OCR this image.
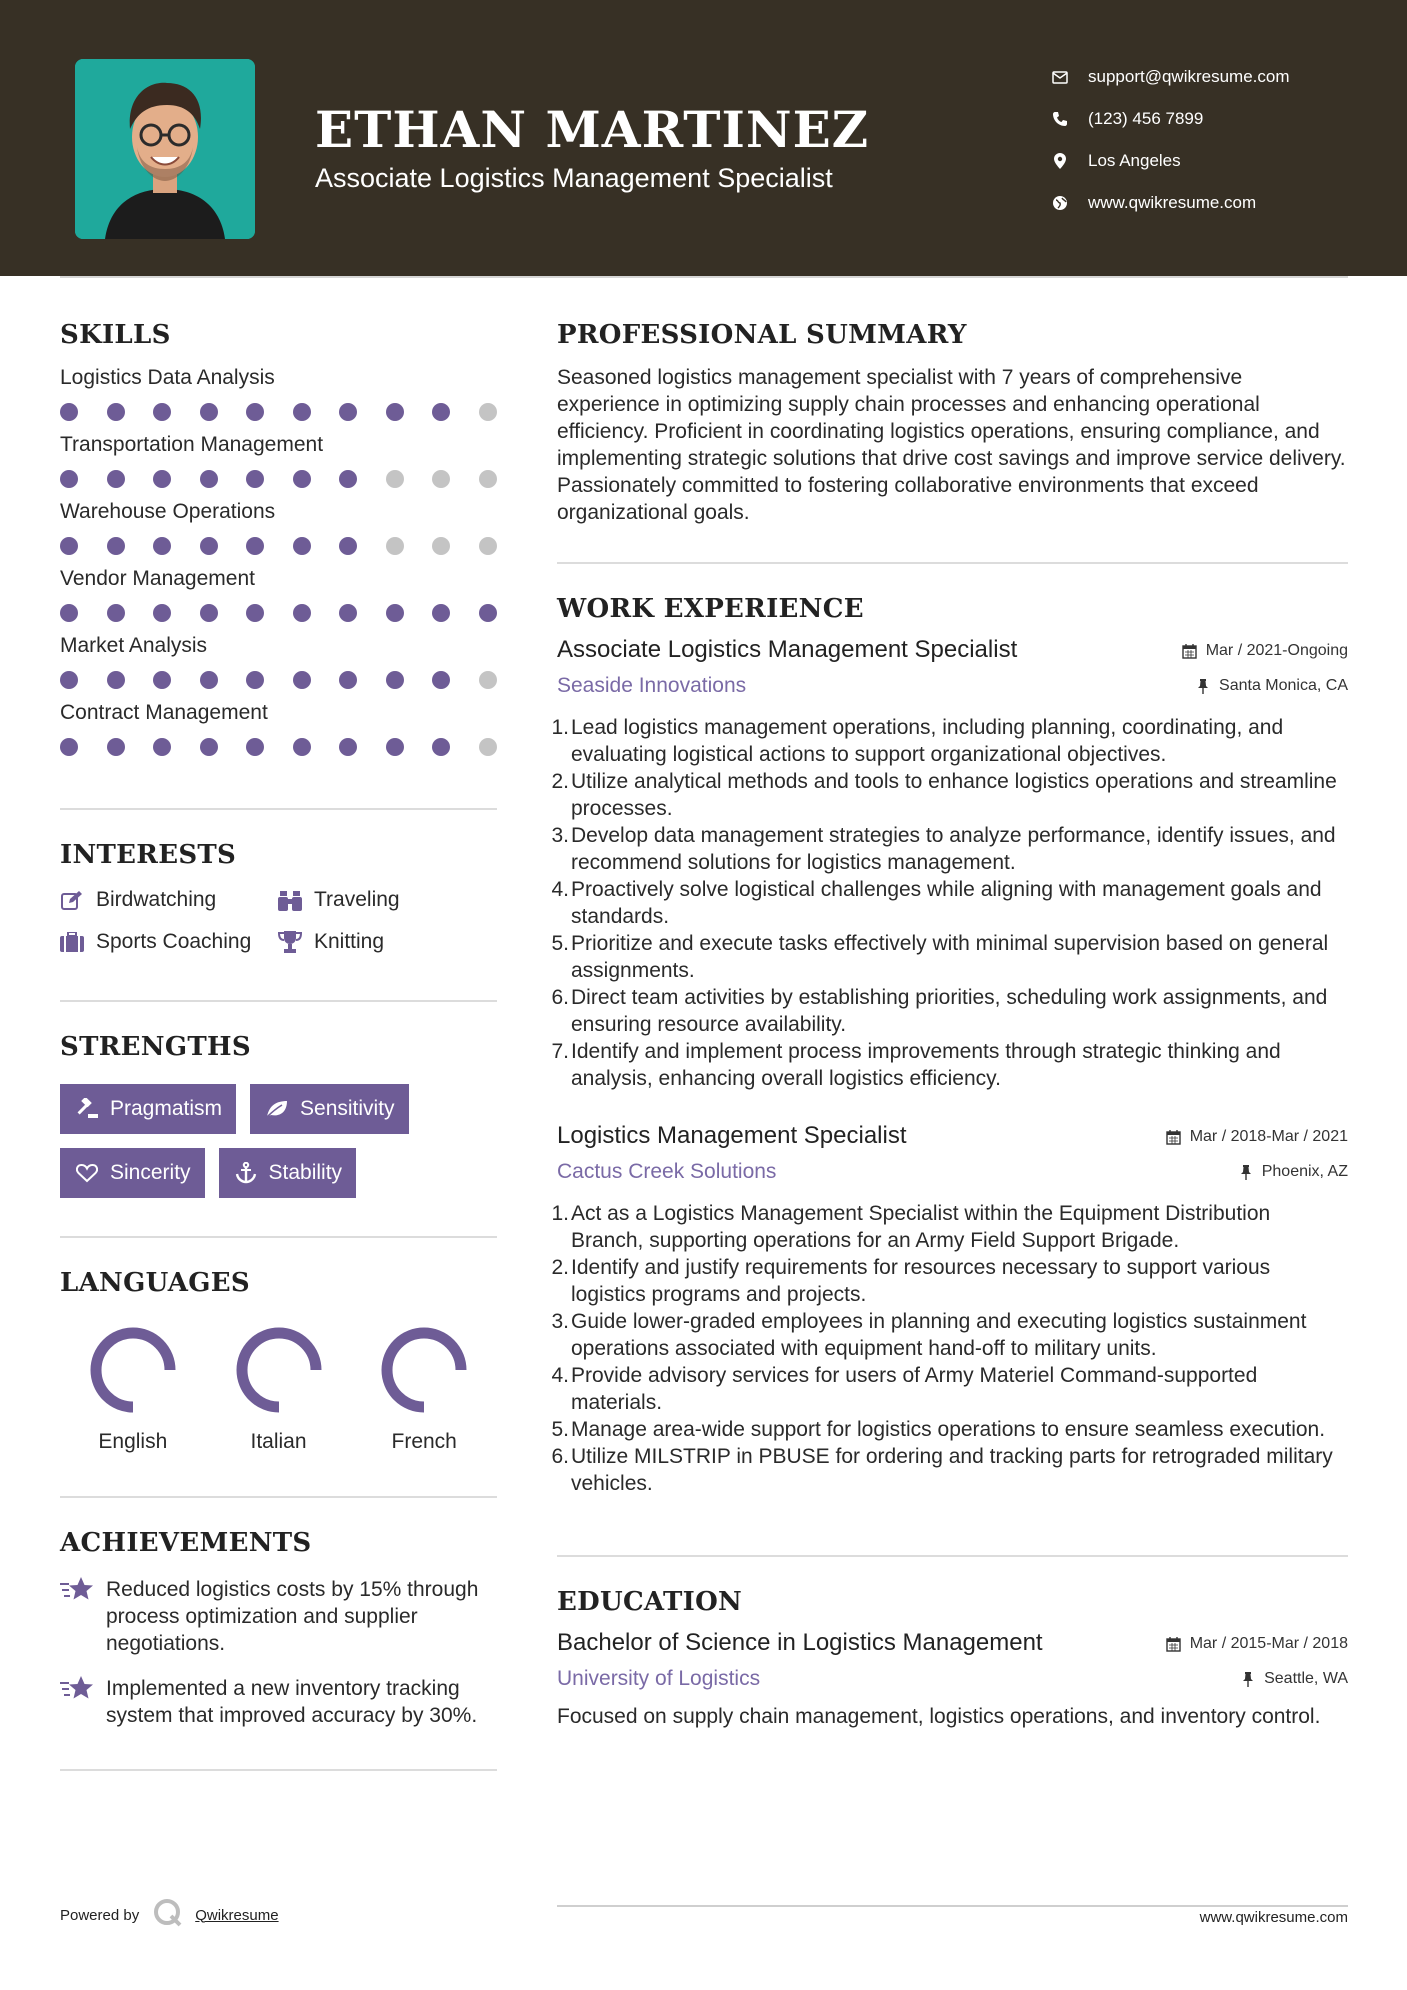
ETHAN MARTINEZ
Associate Logistics Management Specialist
support@qwikresume.com
(123) 456 7899
Los Angeles
www.qwikresume.com
SKILLS
Logistics Data Analysis
Transportation Management
Warehouse Operations
Vendor Management
Market Analysis
Contract Management
INTERESTS
Birdwatching	Traveling
Sports Coaching	Knitting
STRENGTHS
Pragmatism	Sensitivity
Sincerity	Stability
LANGUAGES
English	Italian	French
ACHIEVEMENTS
Reduced logistics costs by 15% through process optimization and supplier negotiations.
Implemented a new inventory tracking system that improved accuracy by 30%.
PROFESSIONAL SUMMARY
Seasoned logistics management specialist with 7 years of comprehensive experience in optimizing supply chain processes and enhancing operational efficiency. Proficient in coordinating logistics operations, ensuring compliance, and implementing strategic solutions that drive cost savings and improve service delivery. Passionately committed to fostering collaborative environments that exceed organizational goals.
WORK EXPERIENCE
Associate Logistics Management Specialist	Mar / 2021-Ongoing
Seaside Innovations	Santa Monica, CA
1. Lead logistics management operations, including planning, coordinating, and evaluating logistical actions to support organizational objectives.
2. Utilize analytical methods and tools to enhance logistics operations and streamline processes.
3. Develop data management strategies to analyze performance, identify issues, and recommend solutions for logistics management.
4. Proactively solve logistical challenges while aligning with management goals and standards.
5. Prioritize and execute tasks effectively with minimal supervision based on general assignments.
6. Direct team activities by establishing priorities, scheduling work assignments, and ensuring resource availability.
7. Identify and implement process improvements through strategic thinking and analysis, enhancing overall logistics efficiency.
Logistics Management Specialist	Mar / 2018-Mar / 2021
Cactus Creek Solutions	Phoenix, AZ
1. Act as a Logistics Management Specialist within the Equipment Distribution Branch, supporting operations for an Army Field Support Brigade.
2. Identify and justify requirements for resources necessary to support various logistics programs and projects.
3. Guide lower-graded employees in planning and executing logistics sustainment operations associated with equipment hand-off to military units.
4. Provide advisory services for users of Army Materiel Command-supported materials.
5. Manage area-wide support for logistics operations to ensure seamless execution.
6. Utilize MILSTRIP in PBUSE for ordering and tracking parts for retrograded military vehicles.
EDUCATION
Bachelor of Science in Logistics Management	Mar / 2015-Mar / 2018
University of Logistics	Seattle, WA
Focused on supply chain management, logistics operations, and inventory control.
Powered by	Qwikresume	www.qwikresume.com
